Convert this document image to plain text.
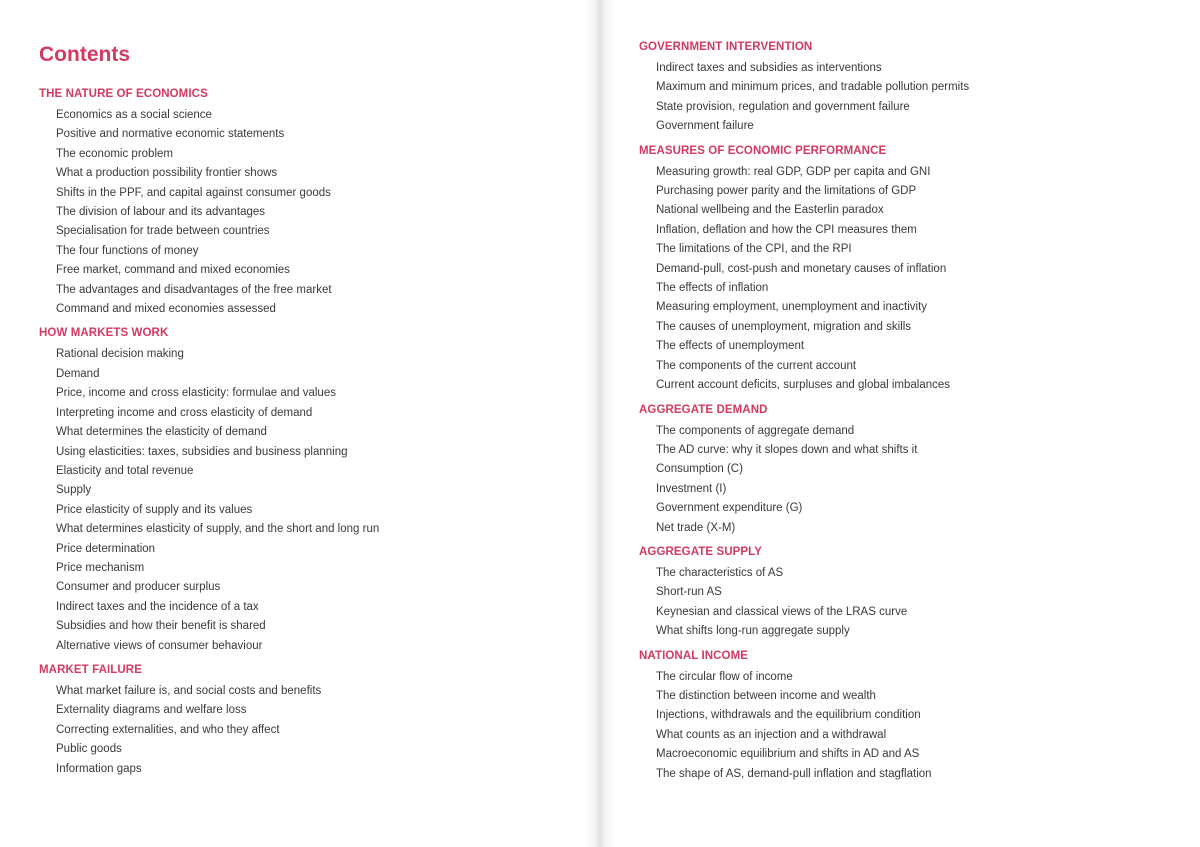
Contents
THE NATURE OF ECONOMICS
Economics as a social science
Positive and normative economic statements
The economic problem
What a production possibility frontier shows
Shifts in the PPF, and capital against consumer goods
The division of labour and its advantages
Specialisation for trade between countries
The four functions of money
Free market, command and mixed economies
The advantages and disadvantages of the free market
Command and mixed economies assessed
HOW MARKETS WORK
Rational decision making
Demand
Price, income and cross elasticity: formulae and values
Interpreting income and cross elasticity of demand
What determines the elasticity of demand
Using elasticities: taxes, subsidies and business planning
Elasticity and total revenue
Supply
Price elasticity of supply and its values
What determines elasticity of supply, and the short and long run
Price determination
Price mechanism
Consumer and producer surplus
Indirect taxes and the incidence of a tax
Subsidies and how their benefit is shared
Alternative views of consumer behaviour
MARKET FAILURE
What market failure is, and social costs and benefits
Externality diagrams and welfare loss
Correcting externalities, and who they affect
Public goods
Information gaps
GOVERNMENT INTERVENTION
Indirect taxes and subsidies as interventions
Maximum and minimum prices, and tradable pollution permits
State provision, regulation and government failure
Government failure
MEASURES OF ECONOMIC PERFORMANCE
Measuring growth: real GDP, GDP per capita and GNI
Purchasing power parity and the limitations of GDP
National wellbeing and the Easterlin paradox
Inflation, deflation and how the CPI measures them
The limitations of the CPI, and the RPI
Demand-pull, cost-push and monetary causes of inflation
The effects of inflation
Measuring employment, unemployment and inactivity
The causes of unemployment, migration and skills
The effects of unemployment
The components of the current account
Current account deficits, surpluses and global imbalances
AGGREGATE DEMAND
The components of aggregate demand
The AD curve: why it slopes down and what shifts it
Consumption (C)
Investment (I)
Government expenditure (G)
Net trade (X-M)
AGGREGATE SUPPLY
The characteristics of AS
Short-run AS
Keynesian and classical views of the LRAS curve
What shifts long-run aggregate supply
NATIONAL INCOME
The circular flow of income
The distinction between income and wealth
Injections, withdrawals and the equilibrium condition
What counts as an injection and a withdrawal
Macroeconomic equilibrium and shifts in AD and AS
The shape of AS, demand-pull inflation and stagflation
